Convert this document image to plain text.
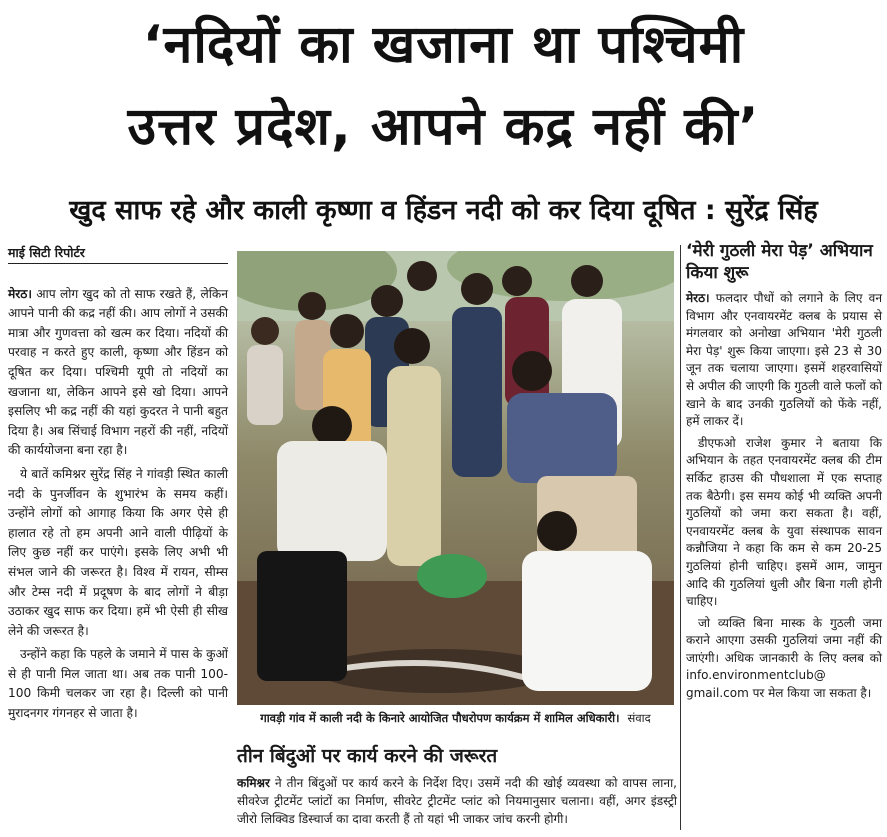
‘नदियों का खजाना था पश्चिमी
उत्तर प्रदेश, आपने कद्र नहीं की’
खुद साफ रहे और काली कृष्णा व हिंडन नदी को कर दिया दूषित : सुरेंद्र सिंह
माई सिटी रिपोर्टर

मेरठ। आप लोग खुद को तो साफ रखते हैं, लेकिन आपने पानी की कद्र नहीं की। आप लोगों ने उसकी मात्रा और गुणवत्ता को खत्म कर दिया। नदियों की परवाह न करते हुए काली, कृष्णा और हिंडन को दूषित कर दिया। पश्चिमी यूपी तो नदियों का खजाना था, लेकिन आपने इसे खो दिया। आपने इसलिए भी कद्र नहीं की यहां कुदरत ने पानी बहुत दिया है। अब सिंचाई विभाग नहरों की नहीं, नदियों की कार्ययोजना बना रहा है।

ये बातें कमिश्नर सुरेंद्र सिंह ने गांवड़ी स्थित काली नदी के पुनर्जीवन के शुभारंभ के समय कहीं। उन्होंने लोगों को आगाह किया कि अगर ऐसे ही हालात रहे तो हम अपनी आने वाली पीढ़ियों के लिए कुछ नहीं कर पाएंगे। इसके लिए अभी भी संभल जाने की जरूरत है। विश्व में रायन, सीम्स और टेम्स नदी में प्रदूषण के बाद लोगों ने बीड़ा उठाकर खुद साफ कर दिया। हमें भी ऐसी ही सीख लेने की जरूरत है।

उन्होंने कहा कि पहले के जमाने में पास के कुओं से ही पानी मिल जाता था। अब तक पानी 100-100 किमी चलकर जा रहा है। दिल्ली को पानी मुरादनगर गंगनहर से जाता है।	गावड़ी गांव में काली नदी के किनारे आयोजित पौधरोपण कार्यक्रम में शामिल अधिकारी। संवाद
तीन बिंदुओं पर कार्य करने की जरूरत

कमिश्नर ने तीन बिंदुओं पर कार्य करने के निर्देश दिए। उसमें नदी की खोई व्यवस्था को वापस लाना, सीवरेज ट्रीटमेंट प्लांटों का निर्माण, सीवरेट ट्रीटमेंट प्लांट को नियमानुसार चलाना। वहीं, अगर इंडस्ट्री जीरो लिक्विड डिस्चार्ज का दावा करती हैं तो यहां भी जाकर जांच करनी होगी।

‘मेरी गुठली मेरा पेड़’ अभियान किया शुरू

मेरठ। फलदार पौधों को लगाने के लिए वन विभाग और एनवायरमेंट क्लब के प्रयास से मंगलवार को अनोखा अभियान 'मेरी गुठली मेरा पेड़' शुरू किया जाएगा। इसे 23 से 30 जून तक चलाया जाएगा। इसमें शहरवासियों से अपील की जाएगी कि गुठली वाले फलों को खाने के बाद उनकी गुठलियों को फेंके नहीं, हमें लाकर दें।

डीएफओ राजेश कुमार ने बताया कि अभियान के तहत एनवायरमेंट क्लब की टीम सर्किट हाउस की पौधशाला में एक सप्ताह तक बैठेगी। इस समय कोई भी व्यक्ति अपनी गुठलियों को जमा करा सकता है। वहीं, एनवायरमेंट क्लब के युवा संस्थापक सावन कन्नौजिया ने कहा कि कम से कम 20-25 गुठलियां होनी चाहिए। इसमें आम, जामुन आदि की गुठलियां धुली और बिना गली होनी चाहिए।

जो व्यक्ति बिना मास्क के गुठली जमा कराने आएगा उसकी गुठलियां जमा नहीं की जाएंगी। अधिक जानकारी के लिए क्लब को info.environmentclub@ gmail.com पर मेल किया जा सकता है।
